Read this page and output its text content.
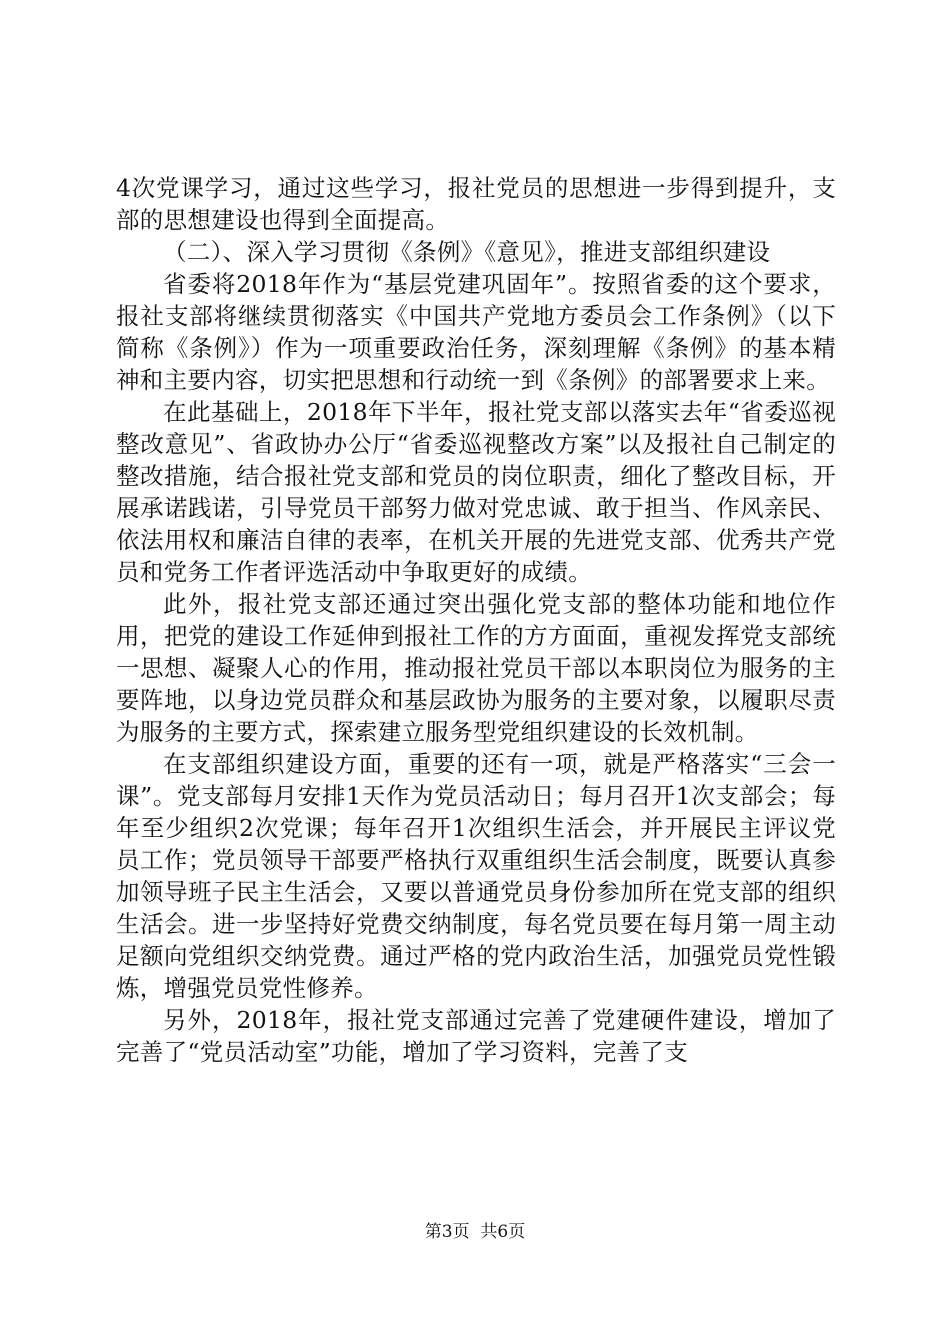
4次党课学习，通过这些学习，报社党员的思想进一步得到提升，支部的思想建设也得到全面提高。

（二）、深入学习贯彻《条例》《意见》，推进支部组织建设

省委将2018年作为“基层党建巩固年”。按照省委的这个要求，报社支部将继续贯彻落实《中国共产党地方委员会工作条例》（以下简称《条例》）作为一项重要政治任务，深刻理解《条例》的基本精神和主要内容，切实把思想和行动统一到《条例》的部署要求上来。

在此基础上，2018年下半年，报社党支部以落实去年“省委巡视整改意见”、省政协办公厅“省委巡视整改方案”以及报社自己制定的整改措施，结合报社党支部和党员的岗位职责，细化了整改目标，开展承诺践诺，引导党员干部努力做对党忠诚、敢于担当、作风亲民、依法用权和廉洁自律的表率，在机关开展的先进党支部、优秀共产党员和党务工作者评选活动中争取更好的成绩。

此外，报社党支部还通过突出强化党支部的整体功能和地位作用，把党的建设工作延伸到报社工作的方方面面，重视发挥党支部统一思想、凝聚人心的作用，推动报社党员干部以本职岗位为服务的主要阵地，以身边党员群众和基层政协为服务的主要对象，以履职尽责为服务的主要方式，探索建立服务型党组织建设的长效机制。

在支部组织建设方面，重要的还有一项，就是严格落实“三会一课”。党支部每月安排1天作为党员活动日；每月召开1次支部会；每年至少组织2次党课；每年召开1次组织生活会，并开展民主评议党员工作；党员领导干部要严格执行双重组织生活会制度，既要认真参加领导班子民主生活会，又要以普通党员身份参加所在党支部的组织生活会。进一步坚持好党费交纳制度，每名党员要在每月第一周主动足额向党组织交纳党费。通过严格的党内政治生活，加强党员党性锻炼，增强党员党性修养。

另外，2018年，报社党支部通过完善了党建硬件建设，增加了完善了“党员活动室”功能，增加了学习资料，完善了支

第3页  共6页
